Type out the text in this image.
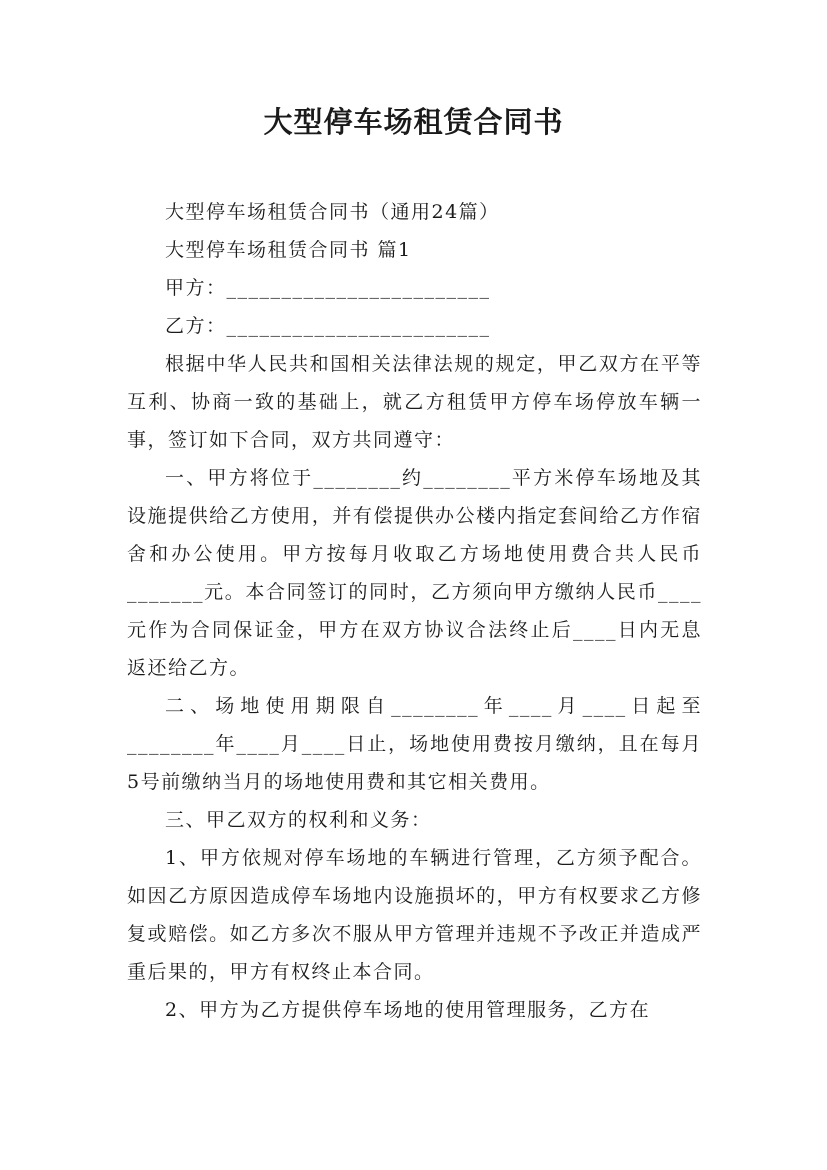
大型停车场租赁合同书

大型停车场租赁合同书（通用24篇）

大型停车场租赁合同书 篇1

甲方：________________________

乙方：________________________

根据中华人民共和国相关法律法规的规定，甲乙双方在平等互利、协商一致的基础上，就乙方租赁甲方停车场停放车辆一事，签订如下合同，双方共同遵守：

一、甲方将位于________约________平方米停车场地及其设施提供给乙方使用，并有偿提供办公楼内指定套间给乙方作宿舍和办公使用。甲方按每月收取乙方场地使用费合共人民币_______元。本合同签订的同时，乙方须向甲方缴纳人民币____元作为合同保证金，甲方在双方协议合法终止后____日内无息返还给乙方。

二、场地使用期限自________年____月____日起至________年____月____日止，场地使用费按月缴纳，且在每月5号前缴纳当月的场地使用费和其它相关费用。

三、甲乙双方的权利和义务：

1、甲方依规对停车场地的车辆进行管理，乙方须予配合。如因乙方原因造成停车场地内设施损坏的，甲方有权要求乙方修复或赔偿。如乙方多次不服从甲方管理并违规不予改正并造成严重后果的，甲方有权终止本合同。

2、甲方为乙方提供停车场地的使用管理服务，乙方在
